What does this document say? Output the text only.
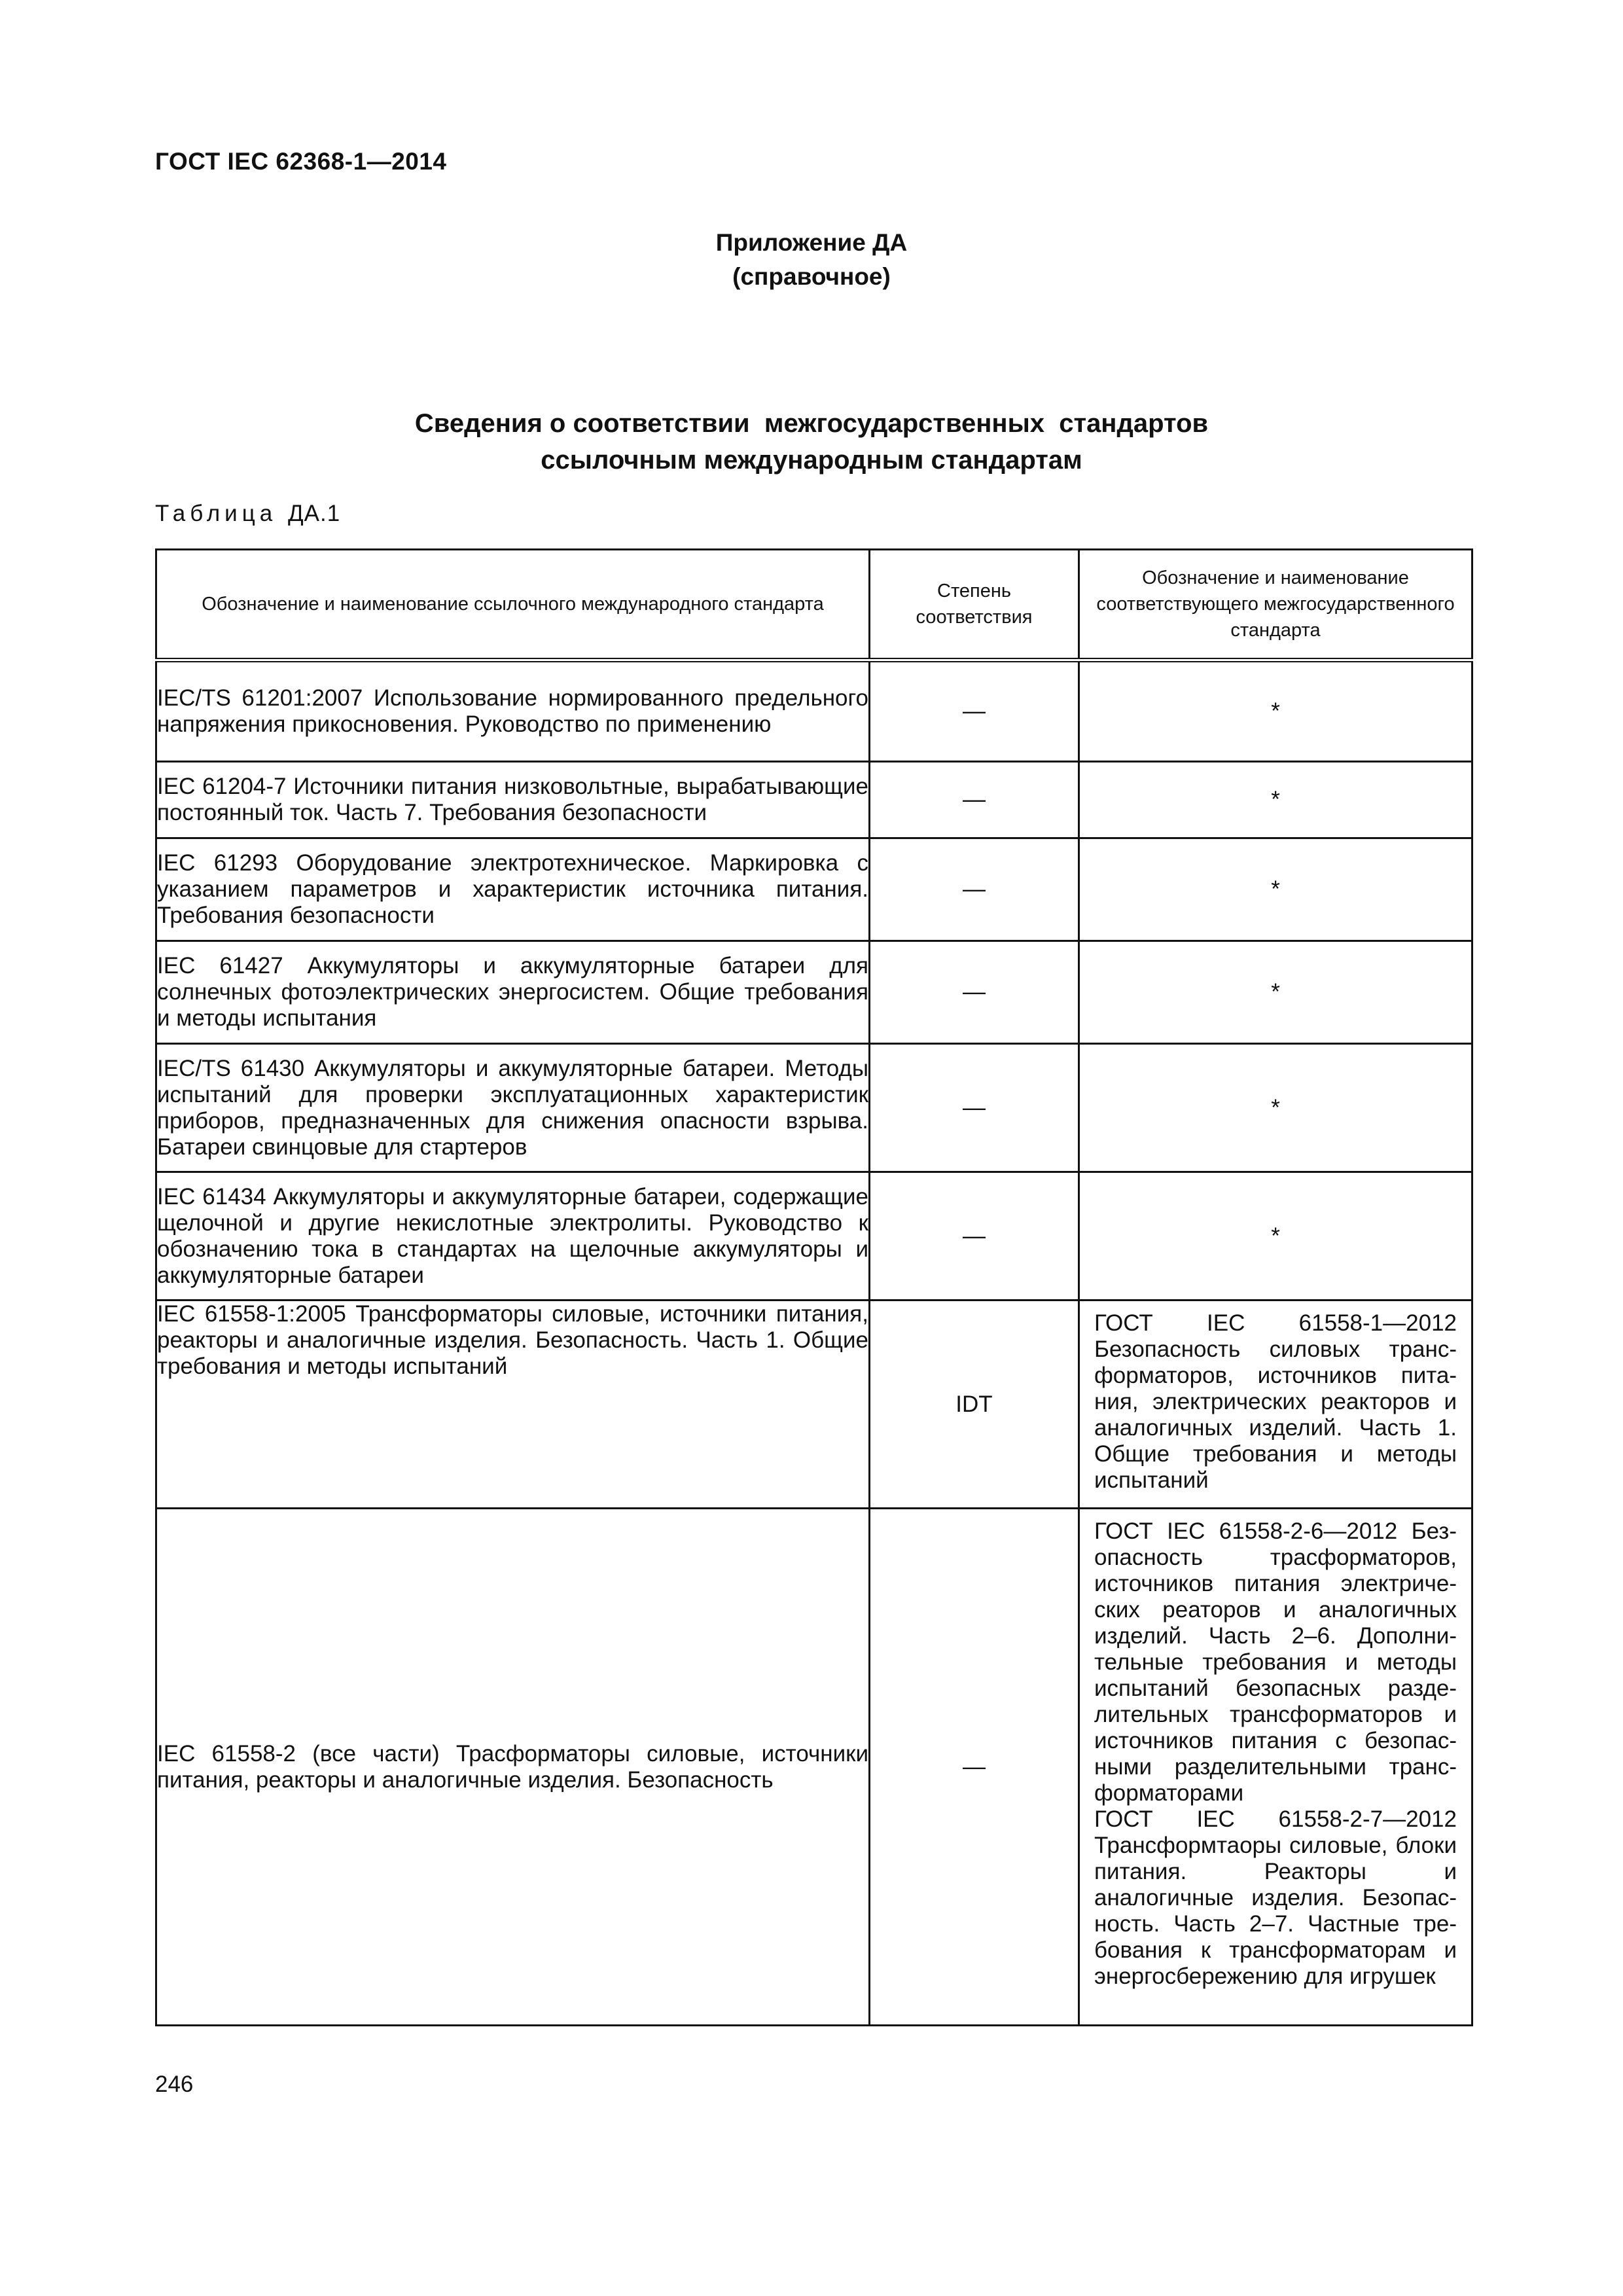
ГОСТ IEC 62368-1—2014
Приложение ДА
(справочное)
Сведения о соответствии  межгосударственных  стандартов
ссылочным международным стандартам
Таблица ДА.1
Обозначение и наименование ссылочного международного стандарта	Степень соответствия	Обозначение и наименование соответствующего межгосударственного стандарта
IEC/TS 61201:2007 Использование нормированного предельного напряжения прикосновения. Руководство по применению	—	*
IEC 61204-7 Источники питания низковольтные, вырабатывающие постоянный ток. Часть 7. Требования безопасности	—	*
IEC 61293 Оборудование электротехническое. Маркировка с указанием параметров и характеристик источника питания. Требования безопасности	—	*
IEC 61427 Аккумуляторы и аккумуляторные батареи для солнечных фотоэлектрических энергосистем. Общие требования и методы испытания	—	*
IEC/TS 61430 Аккумуляторы и аккумуляторные батареи. Методы испытаний для проверки эксплуатационных характеристик приборов, предназначенных для снижения опасности взрыва. Батареи свинцовые для стартеров	—	*
IEC 61434 Аккумуляторы и аккумуляторные батареи, содержащие щелочной и другие некислотные электролиты. Руководство к обозначению тока в стандартах на щелочные аккумуляторы и аккумуляторные батареи	—	*
IEC 61558-1:2005 Трансформаторы силовые, источники питания, реакторы и аналогичные изделия. Безопасность. Часть 1. Общие требования и методы испытаний	IDT	ГОСТ IEC 61558-1—2012 Безопасность силовых трансформаторов, источников питания, электрических реакторов и аналогичных изделий. Часть 1. Общие требования и методы испытаний
IEC 61558-2 (все части) Трасформаторы силовые, источники питания, реакторы и аналогичные изделия. Безопасность	—	ГОСТ IEC 61558-2-6—2012 Безопасность трасформаторов, источников питания электрических реаторов и аналогичных изделий. Часть 2–6. Дополнительные требования и методы испытаний безопасных разделительных трансформаторов и источников питания с безопасными разделительными трансформаторами
ГОСТ IEC 61558-2-7—2012 Трансформтаоры силовые, блоки питания. Реакторы и аналогичные изделия. Безопасность. Часть 2–7. Частные требования к трансформаторам и энергосбережению для игрушек
246
